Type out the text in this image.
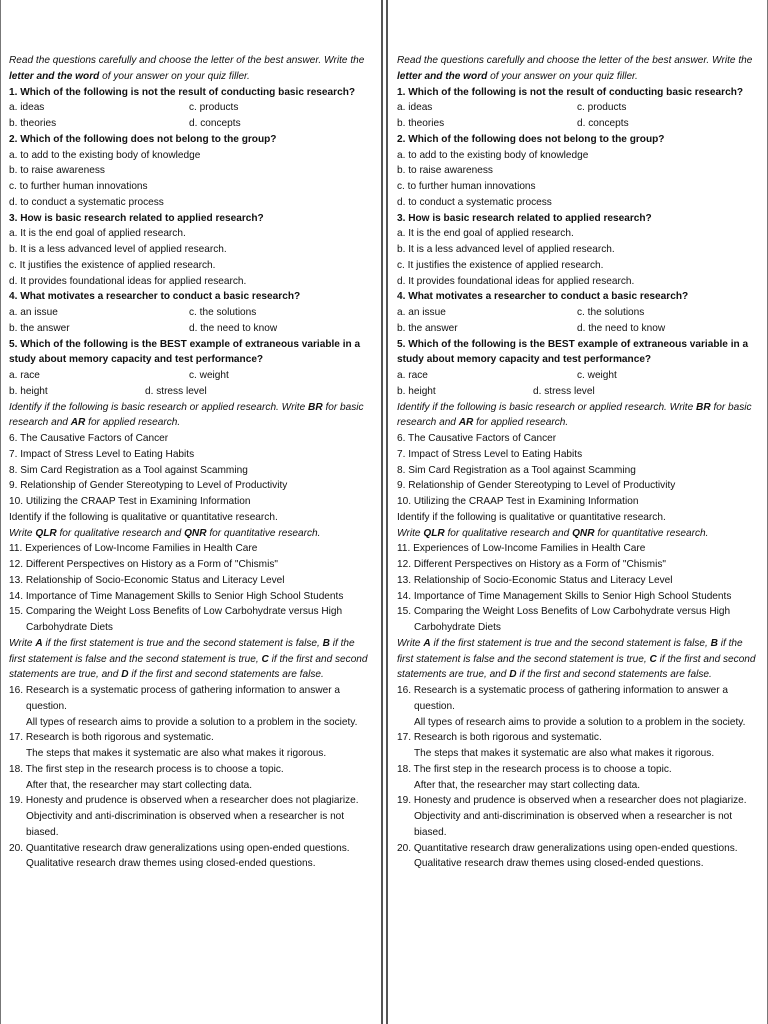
Read the questions carefully and choose the letter of the best answer. Write the letter and the word of your answer on your quiz filler.

1. Which of the following is not the result of conducting basic research?

a. ideas	c. products
b. theories	d. concepts

2. Which of the following does not belong to the group?

a. to add to the existing body of knowledge

b. to raise awareness

c. to further human innovations

d. to conduct a systematic process

3. How is basic research related to applied research?

a. It is the end goal of applied research.

b. It is a less advanced level of applied research.

c. It justifies the existence of applied research.

d. It provides foundational ideas for applied research.

4. What motivates a researcher to conduct a basic research?

a. an issue	c. the solutions
b. the answer	d. the need to know

5. Which of the following is the BEST example of extraneous variable in a study about memory capacity and test performance?

a. race	c. weight
b. height	d. stress level

Identify if the following is basic research or applied research. Write BR for basic research and AR for applied research.

6. The Causative Factors of Cancer

7. Impact of Stress Level to Eating Habits

8. Sim Card Registration as a Tool against Scamming

9. Relationship of Gender Stereotyping to Level of Productivity

10. Utilizing the CRAAP Test in Examining Information

Identify if the following is qualitative or quantitative research.

Write QLR for qualitative research and QNR for quantitative research.

11. Experiences of Low-Income Families in Health Care

12. Different Perspectives on History as a Form of "Chismis"

13. Relationship of Socio-Economic Status and Literacy Level

14. Importance of Time Management Skills to Senior High School Students

15. Comparing the Weight Loss Benefits of Low Carbohydrate versus High Carbohydrate Diets

Write A if the first statement is true and the second statement is false, B if the first statement is false and the second statement is true, C if the first and second statements are true, and D if the first and second statements are false.

16. Research is a systematic process of gathering information to answer a question.

All types of research aims to provide a solution to a problem in the society.

17. Research is both rigorous and systematic.

The steps that makes it systematic are also what makes it rigorous.

18. The first step in the research process is to choose a topic.

After that, the researcher may start collecting data.

19. Honesty and prudence is observed when a researcher does not plagiarize.

Objectivity and anti-discrimination is observed when a researcher is not biased.

20. Quantitative research draw generalizations using open-ended questions.

Qualitative research draw themes using closed-ended questions.

Read the questions carefully and choose the letter of the best answer. Write the letter and the word of your answer on your quiz filler.

1. Which of the following is not the result of conducting basic research?

a. ideas	c. products
b. theories	d. concepts

2. Which of the following does not belong to the group?

a. to add to the existing body of knowledge

b. to raise awareness

c. to further human innovations

d. to conduct a systematic process

3. How is basic research related to applied research?

a. It is the end goal of applied research.

b. It is a less advanced level of applied research.

c. It justifies the existence of applied research.

d. It provides foundational ideas for applied research.

4. What motivates a researcher to conduct a basic research?

a. an issue	c. the solutions
b. the answer	d. the need to know

5. Which of the following is the BEST example of extraneous variable in a study about memory capacity and test performance?

a. race	c. weight
b. height	d. stress level

Identify if the following is basic research or applied research. Write BR for basic research and AR for applied research.

6. The Causative Factors of Cancer

7. Impact of Stress Level to Eating Habits

8. Sim Card Registration as a Tool against Scamming

9. Relationship of Gender Stereotyping to Level of Productivity

10. Utilizing the CRAAP Test in Examining Information

Identify if the following is qualitative or quantitative research.

Write QLR for qualitative research and QNR for quantitative research.

11. Experiences of Low-Income Families in Health Care

12. Different Perspectives on History as a Form of "Chismis"

13. Relationship of Socio-Economic Status and Literacy Level

14. Importance of Time Management Skills to Senior High School Students

15. Comparing the Weight Loss Benefits of Low Carbohydrate versus High Carbohydrate Diets

Write A if the first statement is true and the second statement is false, B if the first statement is false and the second statement is true, C if the first and second statements are true, and D if the first and second statements are false.

16. Research is a systematic process of gathering information to answer a question.

All types of research aims to provide a solution to a problem in the society.

17. Research is both rigorous and systematic.

The steps that makes it systematic are also what makes it rigorous.

18. The first step in the research process is to choose a topic.

After that, the researcher may start collecting data.

19. Honesty and prudence is observed when a researcher does not plagiarize.

Objectivity and anti-discrimination is observed when a researcher is not biased.

20. Quantitative research draw generalizations using open-ended questions.

Qualitative research draw themes using closed-ended questions.
